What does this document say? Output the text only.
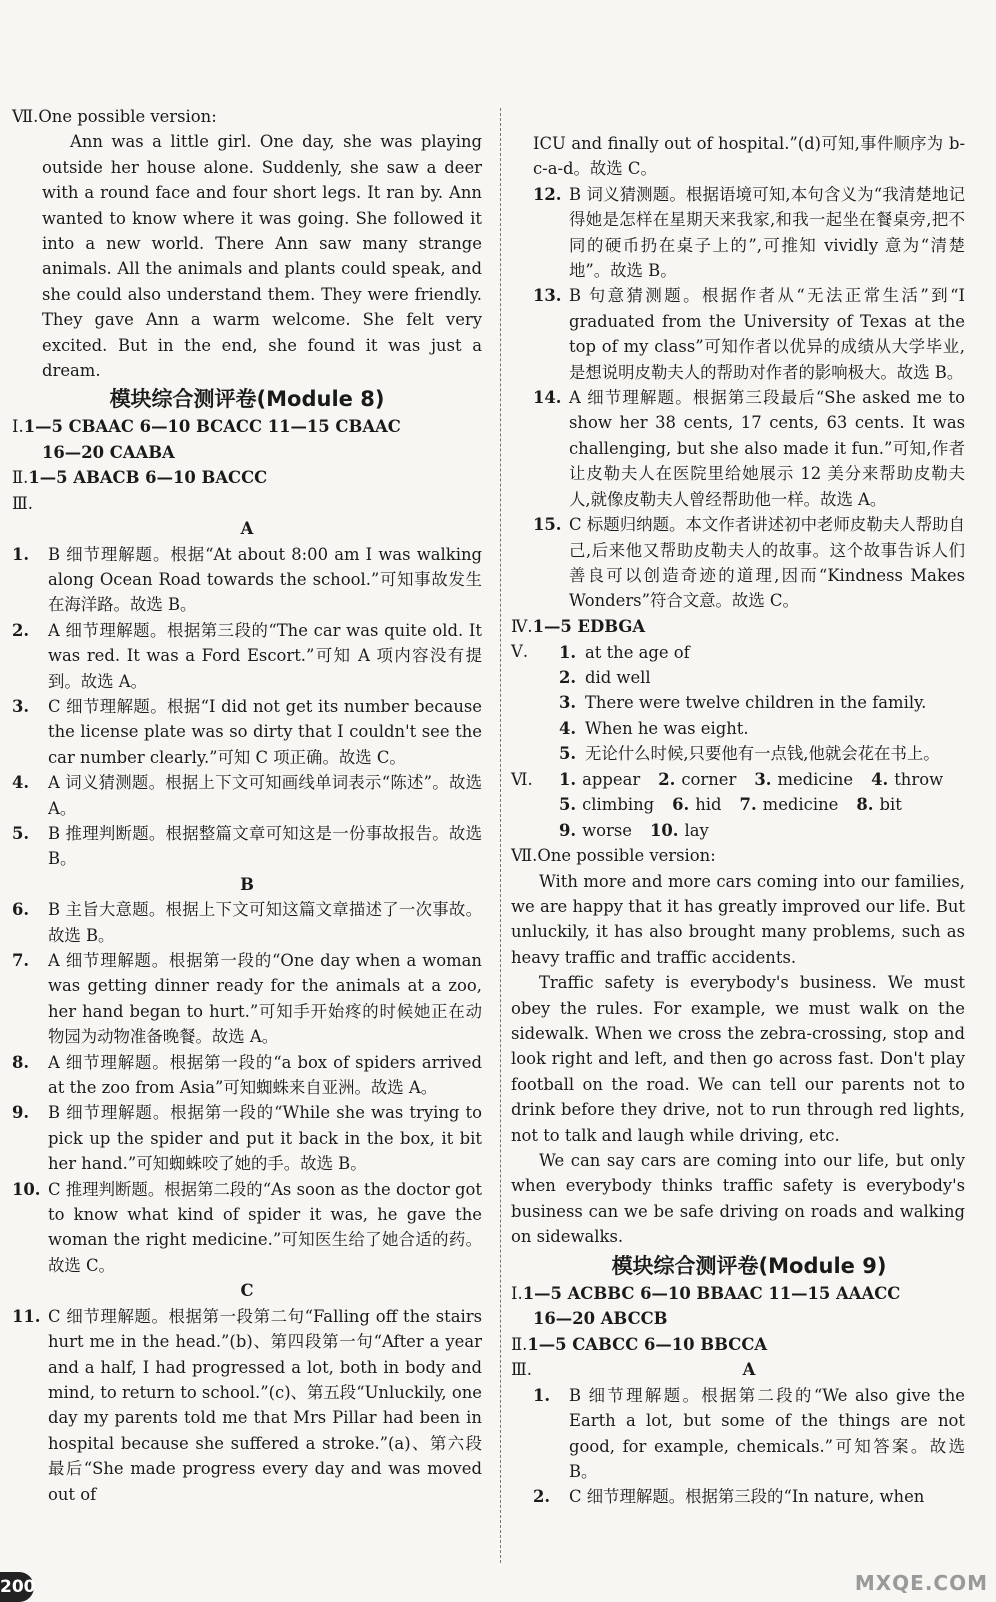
Ⅶ. One possible version:

Ann was a little girl. One day, she was playing outside her house alone. Suddenly, she saw a deer with a round face and four short legs. It ran by. Ann wanted to know where it was going. She followed it into a new world. There Ann saw many strange animals. All the animals and plants could speak, and she could also understand them. They were friendly. They gave Ann a warm welcome. She felt very excited. But in the end, she found it was just a dream.

模块综合测评卷(Module 8)
Ⅰ. 1—5 CBAAC 6—10 BCACC 11—15 CBAAC
16—20 CAABA
Ⅱ. 1—5 ABACB 6—10 BACCC
Ⅲ.
A
1.	B 细节理解题。根据“At about 8:00 am I was walking along Ocean Road towards the school.”可知事故发生在海洋路。故选 B。
2.	A 细节理解题。根据第三段的“The car was quite old. It was red. It was a Ford Escort.”可知 A 项内容没有提到。故选 A。
3.	C 细节理解题。根据“I did not get its number because the license plate was so dirty that I couldn't see the car number clearly.”可知 C 项正确。故选 C。
4.	A 词义猜测题。根据上下文可知画线单词表示“陈述”。故选 A。
5.	B 推理判断题。根据整篇文章可知这是一份事故报告。故选 B。
B
6.	B 主旨大意题。根据上下文可知这篇文章描述了一次事故。故选 B。
7.	A 细节理解题。根据第一段的“One day when a woman was getting dinner ready for the animals at a zoo, her hand began to hurt.”可知手开始疼的时候她正在动物园为动物准备晚餐。故选 A。
8.	A 细节理解题。根据第一段的“a box of spiders arrived at the zoo from Asia”可知蜘蛛来自亚洲。故选 A。
9.	B 细节理解题。根据第一段的“While she was trying to pick up the spider and put it back in the box, it bit her hand.”可知蜘蛛咬了她的手。故选 B。
10. C 推理判断题。根据第二段的“As soon as the doctor got to know what kind of spider it was, he gave the woman the right medicine.”可知医生给了她合适的药。故选 C。
C
11. C 细节理解题。根据第一段第二句“Falling off the stairs hurt me in the head.”(b)、第四段第一句“After a year and a half, I had progressed a lot, both in body and mind, to return to school.”(c)、第五段“Unluckily, one day my parents told me that Mrs Pillar had been in hospital because she suffered a stroke.”(a)、第六段最后“She made progress every day and was moved out of

ICU and finally out of hospital.”(d)可知,事件顺序为 b-c-a-d。故选 C。

12. B 词义猜测题。根据语境可知,本句含义为“我清楚地记得她是怎样在星期天来我家,和我一起坐在餐桌旁,把不同的硬币扔在桌子上的”,可推知 vividly 意为“清楚地”。故选 B。
13. B 句意猜测题。根据作者从“无法正常生活”到“I graduated from the University of Texas at the top of my class”可知作者以优异的成绩从大学毕业,是想说明皮勒夫人的帮助对作者的影响极大。故选 B。
14. A 细节理解题。根据第三段最后“She asked me to show her 38 cents, 17 cents, 63 cents. It was challenging, but she also made it fun.”可知,作者让皮勒夫人在医院里给她展示 12 美分来帮助皮勒夫人,就像皮勒夫人曾经帮助他一样。故选 A。
15. C 标题归纳题。本文作者讲述初中老师皮勒夫人帮助自己,后来他又帮助皮勒夫人的故事。这个故事告诉人们善良可以创造奇迹的道理,因而“Kindness Makes Wonders”符合文意。故选 C。
Ⅳ. 1—5 EDBGA
Ⅴ. 1. at the age of
2. did well
3. There were twelve children in the family.
4. When he was eight.
5. 无论什么时候,只要他有一点钱,他就会花在书上。
Ⅵ. 1. appear 2. corner 3. medicine 4. throw
5. climbing 6. hid 7. medicine 8. bit
9. worse 10. lay
Ⅶ. One possible version:

With more and more cars coming into our families, we are happy that it has greatly improved our life. But unluckily, it has also brought many problems, such as heavy traffic and traffic accidents.

Traffic safety is everybody's business. We must obey the rules. For example, we must walk on the sidewalk. When we cross the zebra-crossing, stop and look right and left, and then go across fast. Don't play football on the road. We can tell our parents not to drink before they drive, not to run through red lights, not to talk and laugh while driving, etc.

We can say cars are coming into our life, but only when everybody thinks traffic safety is everybody's business can we be safe driving on roads and walking on sidewalks.

模块综合测评卷(Module 9)
Ⅰ. 1—5 ACBBC 6—10 BBAAC 11—15 AAACC
16—20 ABCCB
Ⅱ. 1—5 CABCC 6—10 BBCCA
Ⅲ.	A
1.	B 细节理解题。根据第二段的“We also give the Earth a lot, but some of the things are not good, for example, chemicals.”可知答案。故选 B。
2.	C 细节理解题。根据第三段的“In nature, when
200	MXQE.COM
